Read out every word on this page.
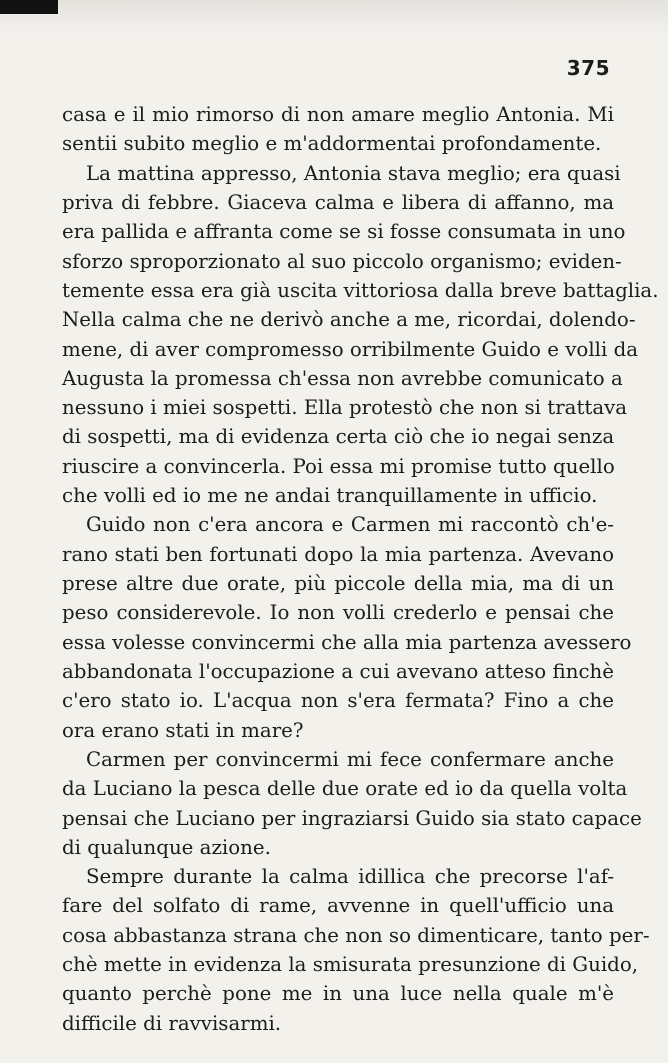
375
casa e il mio rimorso di non amare meglio Antonia. Mi
sentii subito meglio e m'addormentai profondamente.
La mattina appresso, Antonia stava meglio; era quasi
priva di febbre. Giaceva calma e libera di affanno, ma
era pallida e affranta come se si fosse consumata in uno
sforzo sproporzionato al suo piccolo organismo; eviden-
temente essa era già uscita vittoriosa dalla breve battaglia.
Nella calma che ne derivò anche a me, ricordai, dolendo-
mene, di aver compromesso orribilmente Guido e volli da
Augusta la promessa ch'essa non avrebbe comunicato a
nessuno i miei sospetti. Ella protestò che non si trattava
di sospetti, ma di evidenza certa ciò che io negai senza
riuscire a convincerla. Poi essa mi promise tutto quello
che volli ed io me ne andai tranquillamente in ufficio.
Guido non c'era ancora e Carmen mi raccontò ch'e-
rano stati ben fortunati dopo la mia partenza. Avevano
prese altre due orate, più piccole della mia, ma di un
peso considerevole. Io non volli crederlo e pensai che
essa volesse convincermi che alla mia partenza avessero
abbandonata l'occupazione a cui avevano atteso finchè
c'ero stato io. L'acqua non s'era fermata? Fino a che
ora erano stati in mare?
Carmen per convincermi mi fece confermare anche
da Luciano la pesca delle due orate ed io da quella volta
pensai che Luciano per ingraziarsi Guido sia stato capace
di qualunque azione.
Sempre durante la calma idillica che precorse l'af-
fare del solfato di rame, avvenne in quell'ufficio una
cosa abbastanza strana che non so dimenticare, tanto per-
chè mette in evidenza la smisurata presunzione di Guido,
quanto perchè pone me in una luce nella quale m'è
difficile di ravvisarmi.
